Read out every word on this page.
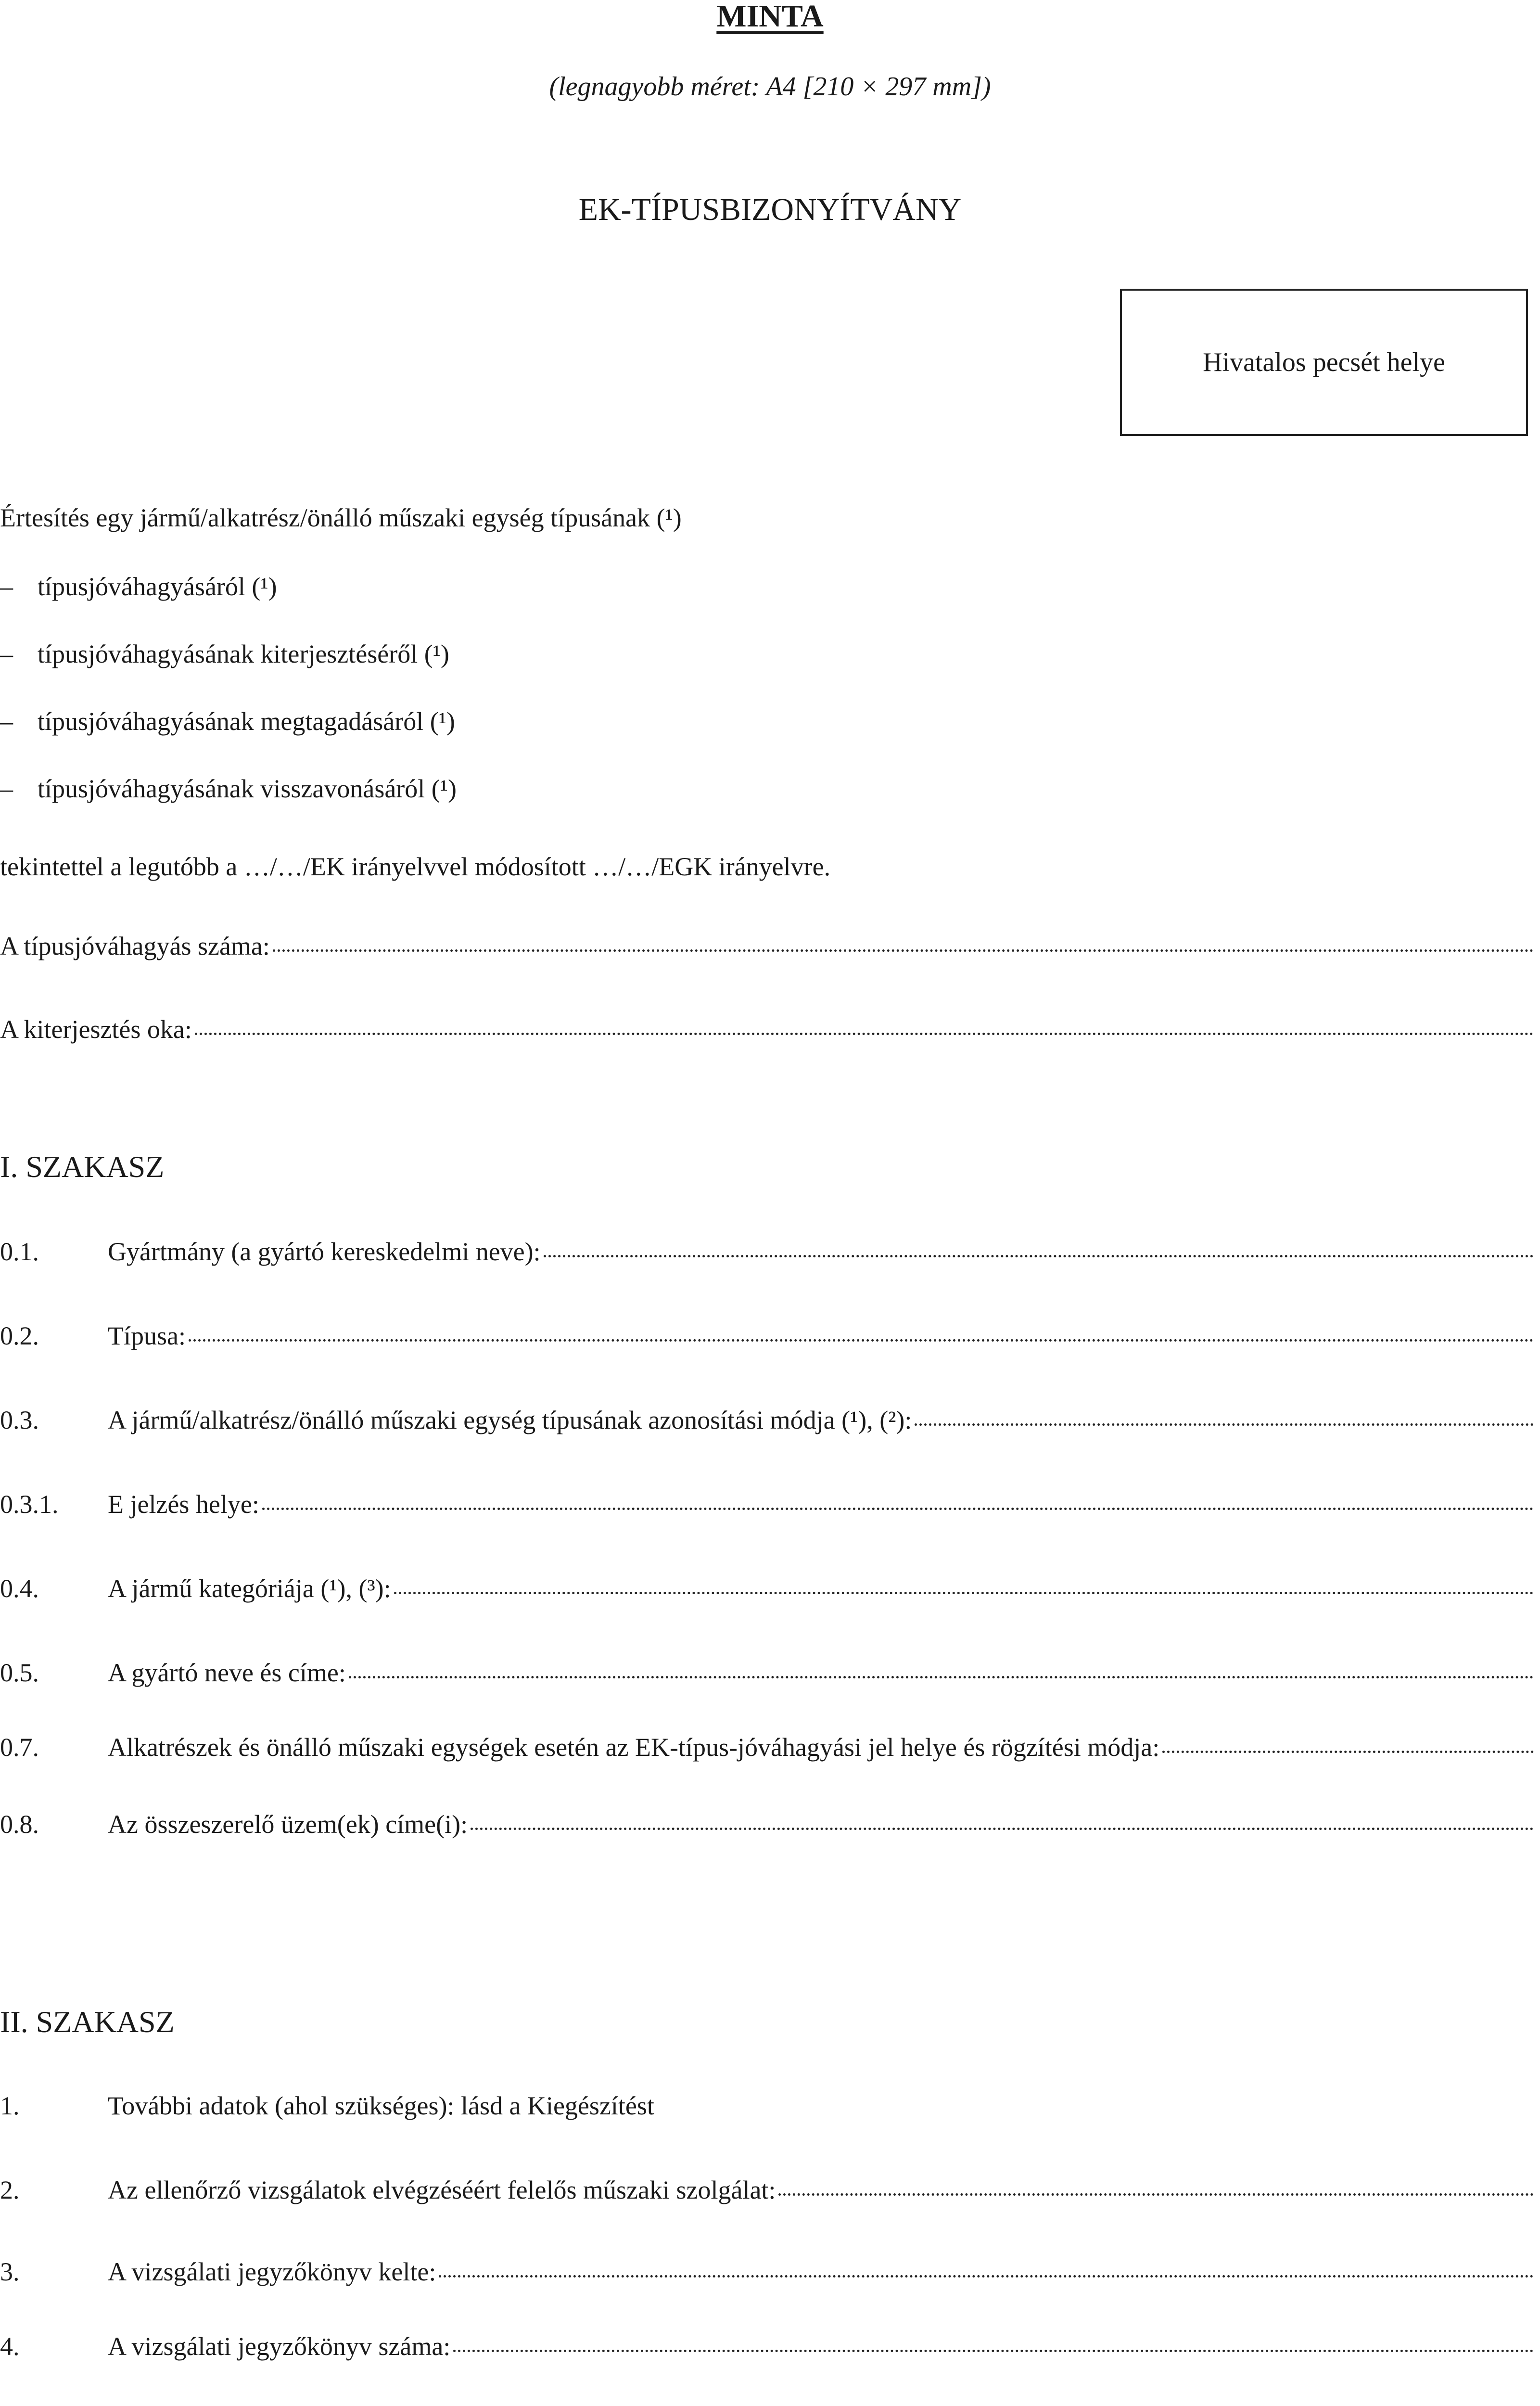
MINTA
(legnagyobb méret: A4 [210 × 297 mm])
EK-TÍPUSBIZONYÍTVÁNY
Hivatalos pecsét helye
Értesítés egy jármű/alkatrész/önálló műszaki egység típusának (¹)
– típusjóváhagyásáról (¹)
– típusjóváhagyásának kiterjesztéséről (¹)
– típusjóváhagyásának megtagadásáról (¹)
– típusjóváhagyásának visszavonásáról (¹)
tekintettel a legutóbb a …/…/EK irányelvvel módosított …/…/EGK irányelvre.
A típusjóváhagyás száma:
A kiterjesztés oka:
I. SZAKASZ
0.1.	Gyártmány (a gyártó kereskedelmi neve):
0.2.	Típusa:
0.3.	A jármű/alkatrész/önálló műszaki egység típusának azonosítási módja (¹), (²):
0.3.1.	E jelzés helye:
0.4.	A jármű kategóriája (¹), (³):
0.5.	A gyártó neve és címe:
0.7.	Alkatrészek és önálló műszaki egységek esetén az EK-típus-jóváhagyási jel helye és rögzítési módja:
0.8.	Az összeszerelő üzem(ek) címe(i):
II. SZAKASZ
1.	További adatok (ahol szükséges): lásd a Kiegészítést
2.	Az ellenőrző vizsgálatok elvégzéséért felelős műszaki szolgálat:
3.	A vizsgálati jegyzőkönyv kelte:
4.	A vizsgálati jegyzőkönyv száma:
